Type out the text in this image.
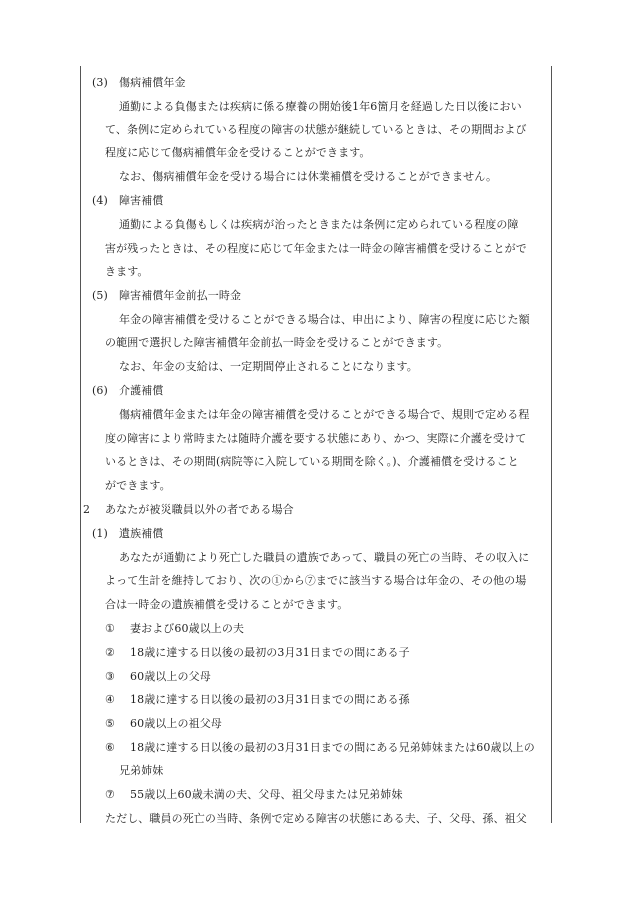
(3) 傷病補償年金
通勤による負傷または疾病に係る療養の開始後1年6箇月を経過した日以後におい
て、条例に定められている程度の障害の状態が継続しているときは、その期間および
程度に応じて傷病補償年金を受けることができます。
なお、傷病補償年金を受ける場合には休業補償を受けることができません。
(4) 障害補償
通勤による負傷もしくは疾病が治ったときまたは条例に定められている程度の障
害が残ったときは、その程度に応じて年金または一時金の障害補償を受けることがで
きます。
(5) 障害補償年金前払一時金
年金の障害補償を受けることができる場合は、申出により、障害の程度に応じた額
の範囲で選択した障害補償年金前払一時金を受けることができます。
なお、年金の支給は、一定期間停止されることになります。
(6) 介護補償
傷病補償年金または年金の障害補償を受けることができる場合で、規則で定める程
度の障害により常時または随時介護を要する状態にあり、かつ、実際に介護を受けて
いるときは、その期間(病院等に入院している期間を除く。)、介護補償を受けること
ができます。
2 あなたが被災職員以外の者である場合
(1) 遺族補償
あなたが通勤により死亡した職員の遺族であって、職員の死亡の当時、その収入に
よって生計を維持しており、次の①から⑦までに該当する場合は年金の、その他の場
合は一時金の遺族補償を受けることができます。
① 妻および60歳以上の夫
② 18歳に達する日以後の最初の3月31日までの間にある子
③ 60歳以上の父母
④ 18歳に達する日以後の最初の3月31日までの間にある孫
⑤ 60歳以上の祖父母
⑥ 18歳に達する日以後の最初の3月31日までの間にある兄弟姉妹または60歳以上の
兄弟姉妹
⑦ 55歳以上60歳未満の夫、父母、祖父母または兄弟姉妹
ただし、職員の死亡の当時、条例で定める障害の状態にある夫、子、父母、孫、祖父
